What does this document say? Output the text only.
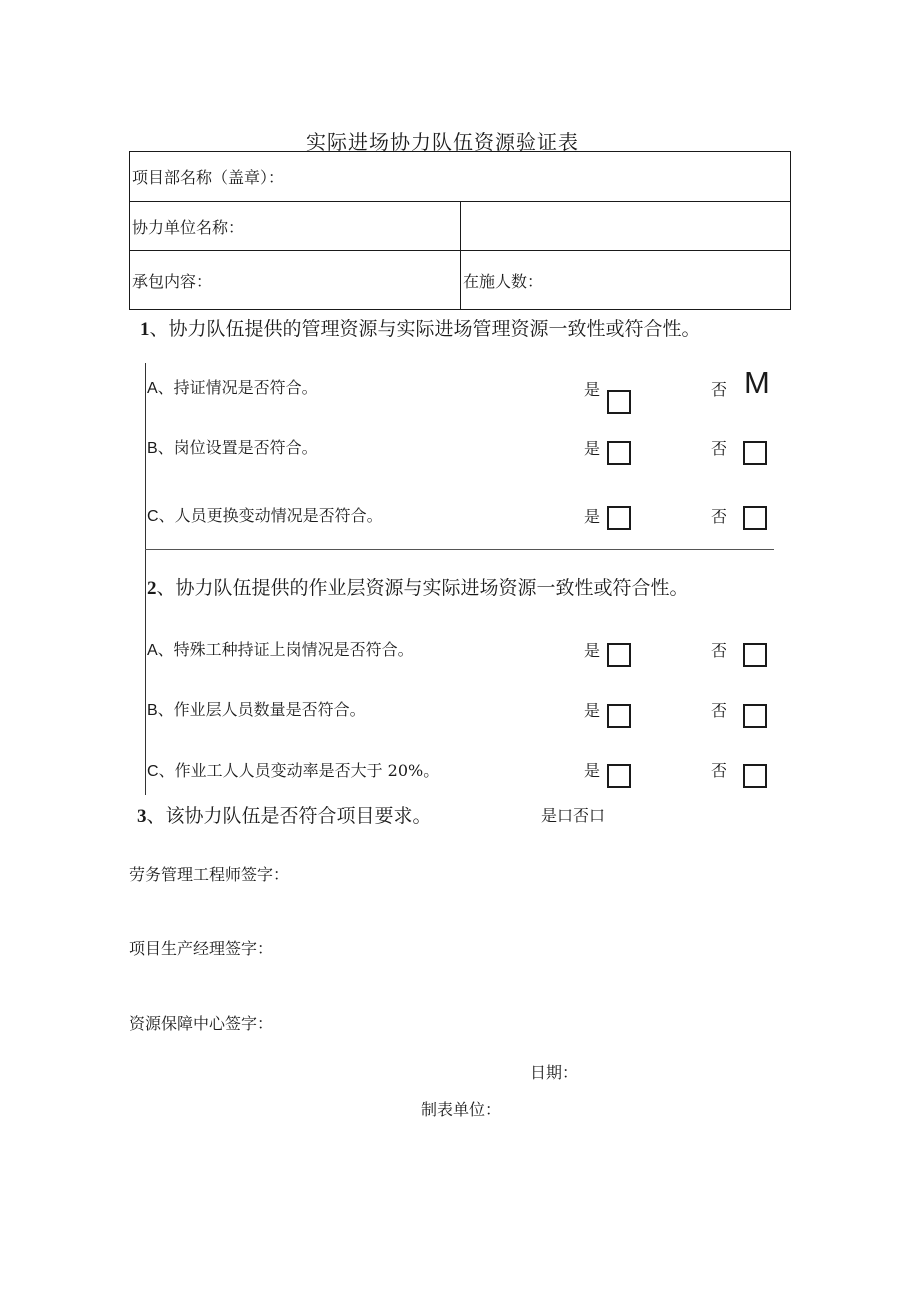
实际进场协力队伍资源验证表
项目部名称（盖章）：	
协力单位名称：	
承包内容：	在施人数：
1、协力队伍提供的管理资源与实际进场管理资源一致性或符合性。
A、持证情况是否符合。	是	否 M
B、岗位设置是否符合。	是	否
C、人员更换变动情况是否符合。	是	否
2、协力队伍提供的作业层资源与实际进场资源一致性或符合性。
A、特殊工种持证上岗情况是否符合。	是	否
B、作业层人员数量是否符合。	是	否
C、作业工人人员变动率是否大于 20%。	是	否
3、该协力队伍是否符合项目要求。	是口否口
劳务管理工程师签字：
项目生产经理签字：
资源保障中心签字：
日期：
制表单位：
